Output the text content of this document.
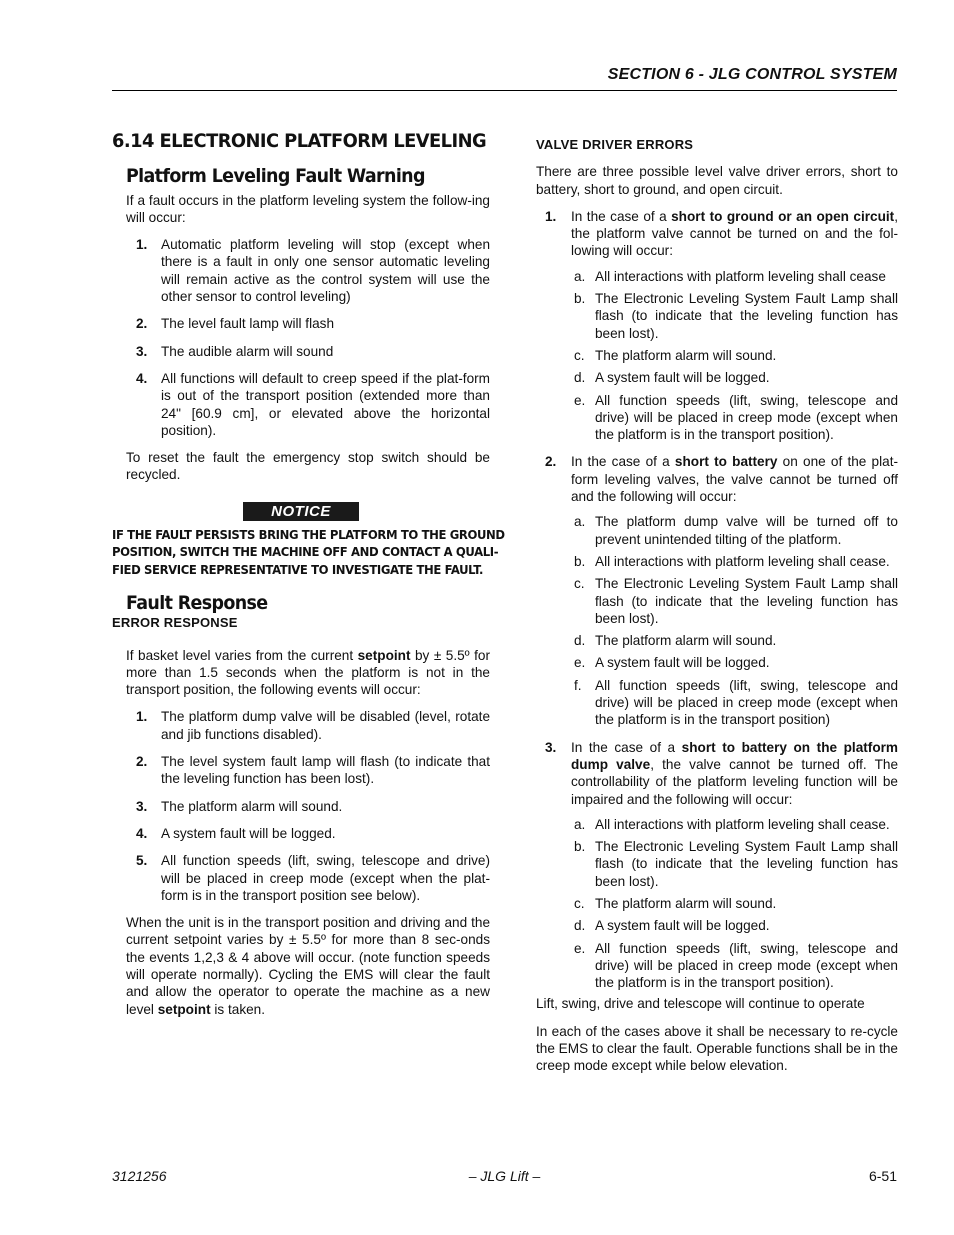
SECTION 6 - JLG CONTROL SYSTEM
6.14 ELECTRONIC PLATFORM LEVELING
Platform Leveling Fault Warning

If a fault occurs in the platform leveling system the follow-ing will occur:

1. Automatic platform leveling will stop (except when there is a fault in only one sensor automatic leveling will remain active as the control system will use the other sensor to control leveling)
2. The level fault lamp will flash
3. The audible alarm will sound
4. All functions will default to creep speed if the plat-form is out of the transport position (extended more than 24" [60.9 cm], or elevated above the horizontal position).

To reset the fault the emergency stop switch should be recycled.

NOTICE
IF THE FAULT PERSISTS BRING THE PLATFORM TO THE GROUND
POSITION, SWITCH THE MACHINE OFF AND CONTACT A QUALI-
FIED SERVICE REPRESENTATIVE TO INVESTIGATE THE FAULT.
Fault Response
ERROR RESPONSE

If basket level varies from the current setpoint by ± 5.5º for more than 1.5 seconds when the platform is not in the transport position, the following events will occur:

1. The platform dump valve will be disabled (level, rotate and jib functions disabled).
2. The level system fault lamp will flash (to indicate that the leveling function has been lost).
3. The platform alarm will sound.
4. A system fault will be logged.
5. All function speeds (lift, swing, telescope and drive) will be placed in creep mode (except when the plat-form is in the transport position see below).

When the unit is in the transport position and driving and the current setpoint varies by ± 5.5º for more than 8 sec-onds the events 1,2,3 & 4 above will occur. (note function speeds will operate normally). Cycling the EMS will clear the fault and allow the operator to operate the machine as a new level setpoint is taken.

VALVE DRIVER ERRORS

There are three possible level valve driver errors, short to battery, short to ground, and open circuit.

1. In the case of a short to ground or an open circuit, the platform valve cannot be turned on and the fol-lowing will occur:
a. All interactions with platform leveling shall cease
b. The Electronic Leveling System Fault Lamp shall flash (to indicate that the leveling function has been lost).
c. The platform alarm will sound.
d. A system fault will be logged.
e. All function speeds (lift, swing, telescope and drive) will be placed in creep mode (except when the platform is in the transport position).
2. In the case of a short to battery on one of the plat-form leveling valves, the valve cannot be turned off and the following will occur:
a. The platform dump valve will be turned off to prevent unintended tilting of the platform.
b. All interactions with platform leveling shall cease.
c. The Electronic Leveling System Fault Lamp shall flash (to indicate that the leveling function has been lost).
d. The platform alarm will sound.
e. A system fault will be logged.
f. All function speeds (lift, swing, telescope and drive) will be placed in creep mode (except when the platform is in the transport position)
3. In the case of a short to battery on the platform dump valve, the valve cannot be turned off. The controllability of the platform leveling function will be impaired and the following will occur:
a. All interactions with platform leveling shall cease.
b. The Electronic Leveling System Fault Lamp shall flash (to indicate that the leveling function has been lost).
c. The platform alarm will sound.
d. A system fault will be logged.
e. All function speeds (lift, swing, telescope and drive) will be placed in creep mode (except when the platform is in the transport position).

Lift, swing, drive and telescope will continue to operate

In each of the cases above it shall be necessary to re-cycle the EMS to clear the fault. Operable functions shall be in the creep mode except while below elevation.

3121256	– JLG Lift –	6-51
